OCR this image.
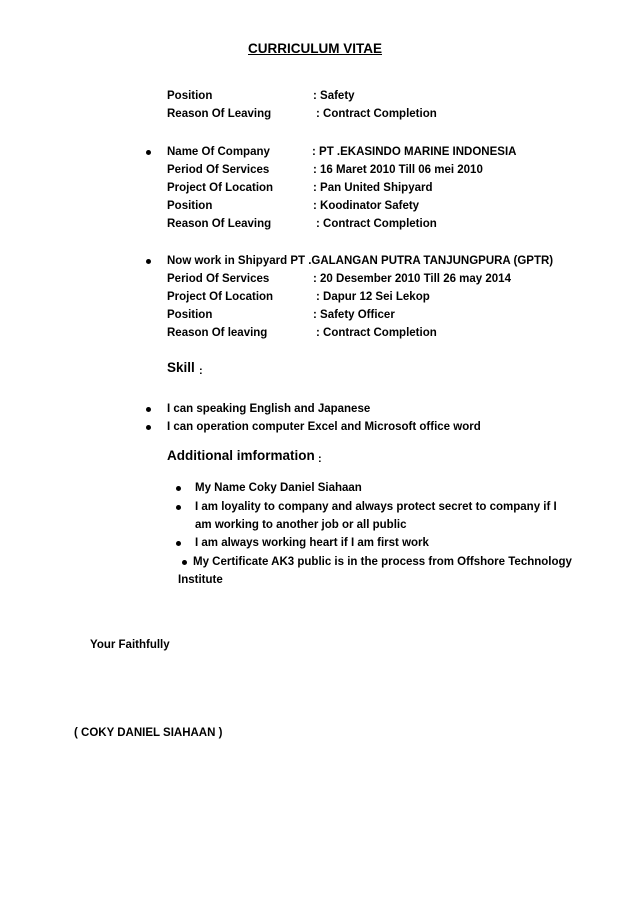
CURRICULUM VITAE
Position	: Safety
Reason Of Leaving	: Contract Completion
Name Of Company	: PT .EKASINDO MARINE INDONESIA
Period Of Services	: 16 Maret 2010 Till 06 mei 2010
Project Of Location	: Pan United Shipyard
Position	: Koodinator Safety
Reason Of Leaving	: Contract Completion
Now work in Shipyard PT .GALANGAN PUTRA TANJUNGPURA (GPTR)
Period Of Services	: 20 Desember 2010 Till 26 may 2014
Project Of Location	: Dapur 12 Sei Lekop
Position	: Safety Officer
Reason Of leaving	: Contract Completion
Skill :
I can speaking English and Japanese
I can operation computer Excel and Microsoft office word
Additional imformation :
My Name Coky Daniel Siahaan
I am loyality to company and always protect secret to company if I
am working to another job or all public
I am always working heart if I am first work
My Certificate AK3 public is in the process from Offshore Technology
Institute
Your Faithfully
( COKY DANIEL SIAHAAN )
